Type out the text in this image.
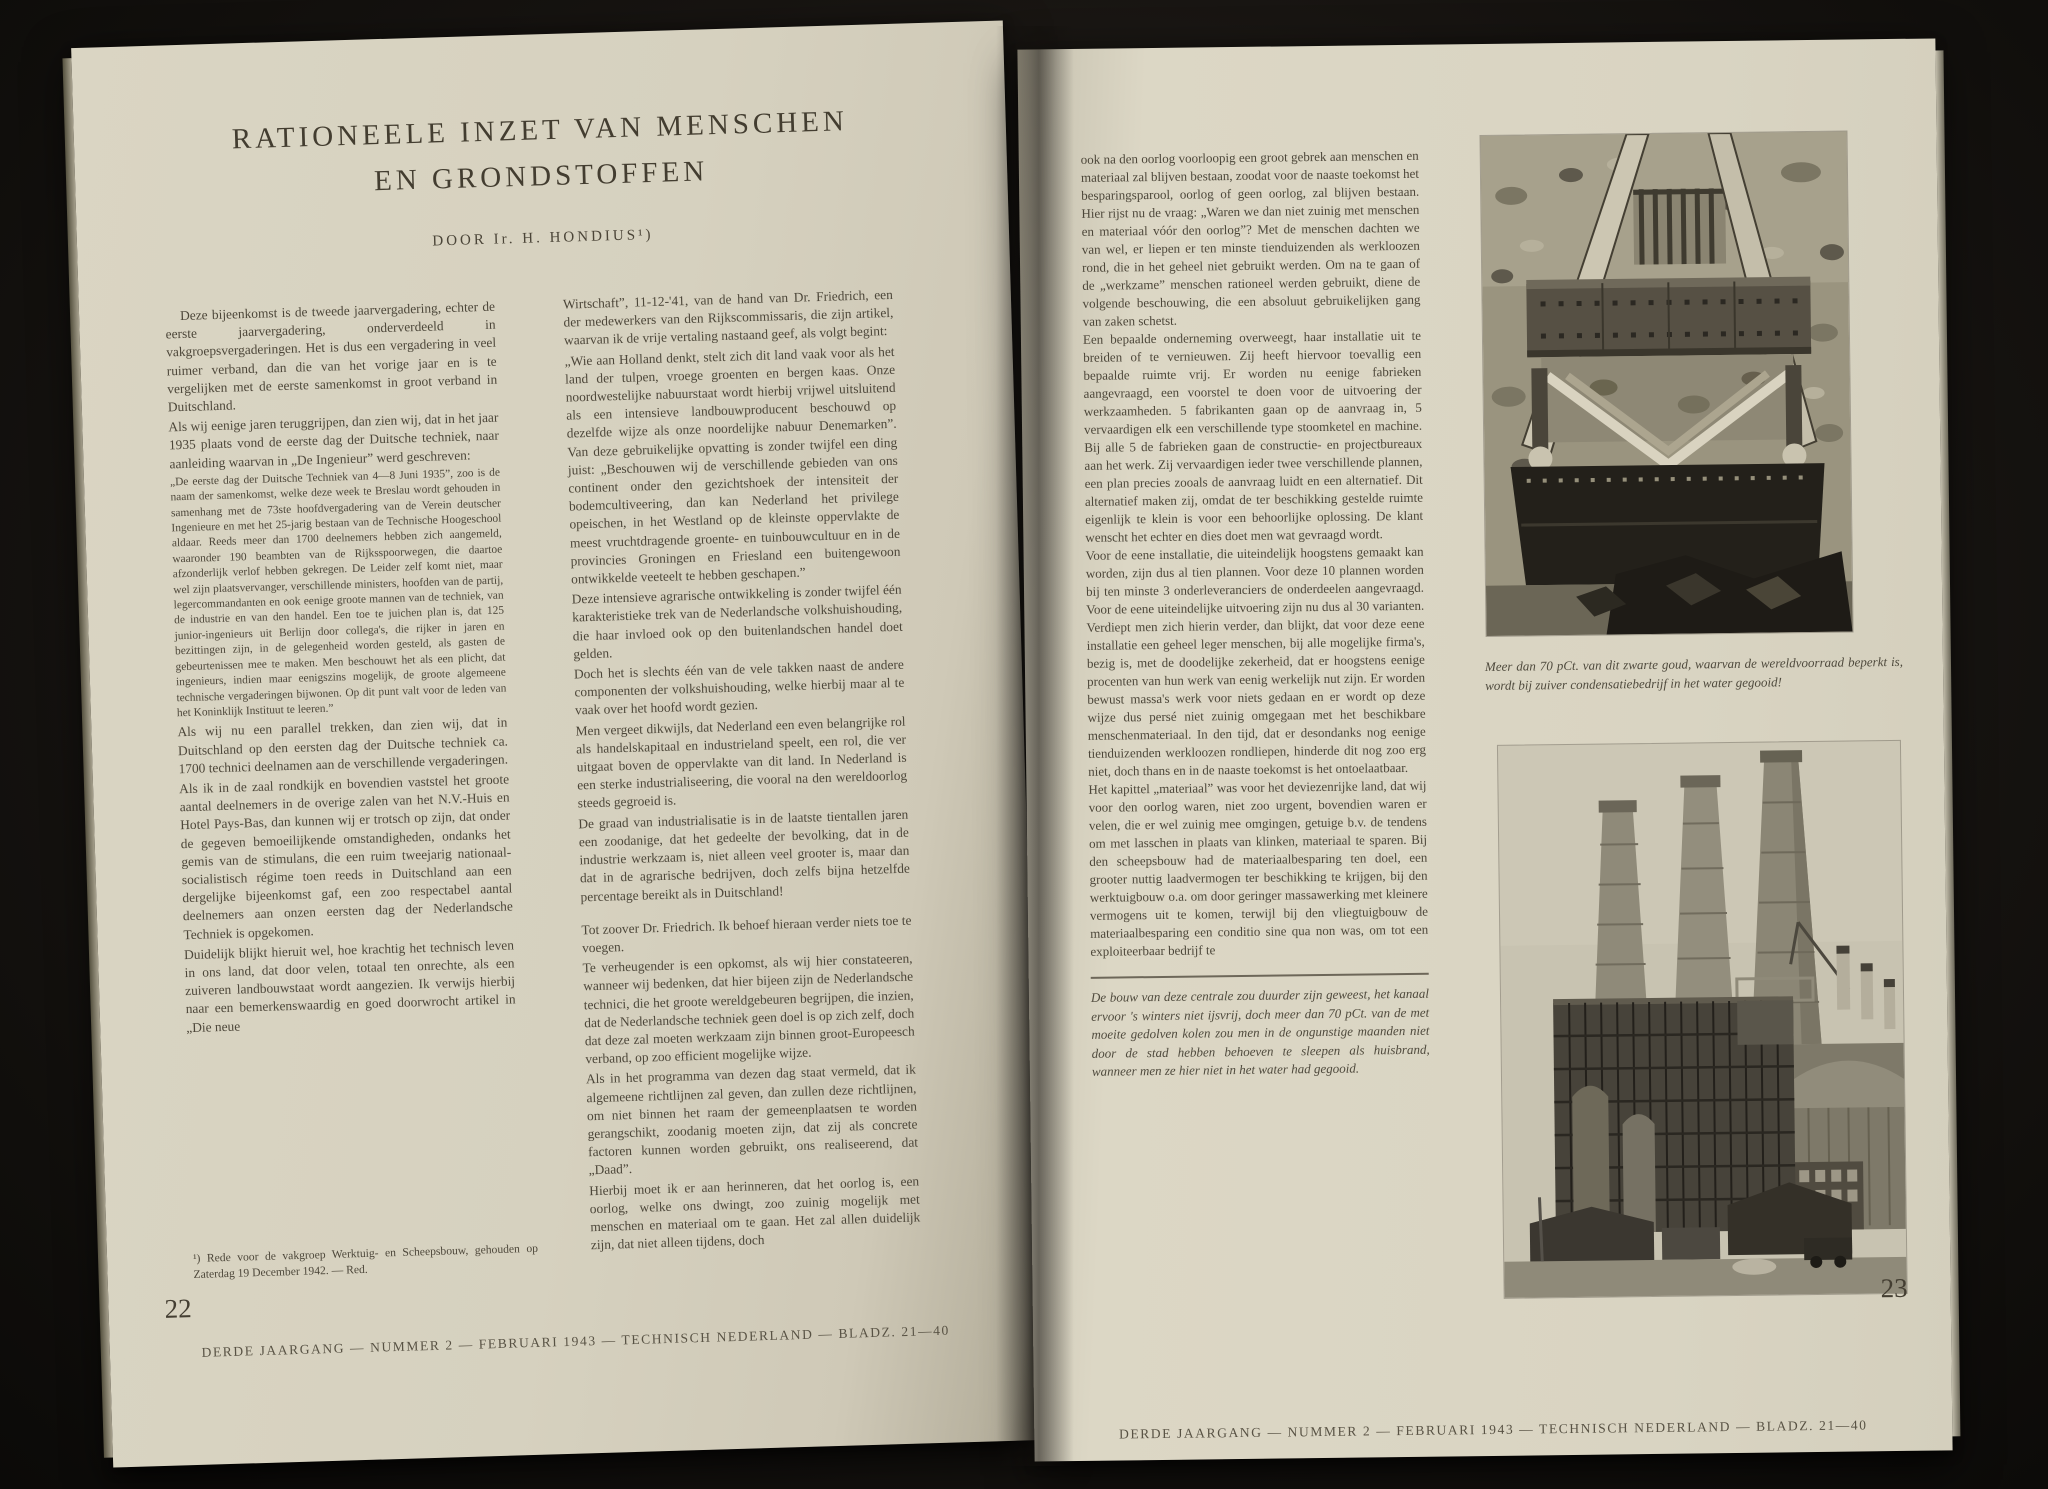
RATIONEELE INZET VAN MENSCHEN
EN GRONDSTOFFEN
DOOR Ir. H. HONDIUS¹)

Deze bijeenkomst is de tweede jaarvergadering, echter de eerste jaarvergadering, onderverdeeld in vakgroepsvergaderingen. Het is dus een vergadering in veel ruimer verband, dan die van het vorige jaar en is te vergelijken met de eerste samenkomst in groot verband in Duitschland.

Als wij eenige jaren teruggrijpen, dan zien wij, dat in het jaar 1935 plaats vond de eerste dag der Duitsche techniek, naar aanleiding waarvan in „De Ingenieur” werd geschreven:

„De eerste dag der Duitsche Techniek van 4—8 Juni 1935”, zoo is de naam der samenkomst, welke deze week te Breslau wordt gehouden in samenhang met de 73ste hoofdvergadering van de Verein deutscher Ingenieure en met het 25-jarig bestaan van de Technische Hoogeschool aldaar. Reeds meer dan 1700 deelnemers hebben zich aangemeld, waaronder 190 beambten van de Rijksspoorwegen, die daartoe afzonderlijk verlof hebben gekregen. De Leider zelf komt niet, maar wel zijn plaatsvervanger, verschillende ministers, hoofden van de partij, legercommandanten en ook eenige groote mannen van de techniek, van de industrie en van den handel. Een toe te juichen plan is, dat 125 junior-ingenieurs uit Berlijn door collega's, die rijker in jaren en bezittingen zijn, in de gelegenheid worden gesteld, als gasten de gebeurtenissen mee te maken. Men beschouwt het als een plicht, dat ingenieurs, indien maar eenigszins mogelijk, de groote algemeene technische vergaderingen bijwonen. Op dit punt valt voor de leden van het Koninklijk Instituut te leeren.”

Als wij nu een parallel trekken, dan zien wij, dat in Duitschland op den eersten dag der Duitsche techniek ca. 1700 technici deelnamen aan de verschillende vergaderingen.

Als ik in de zaal rondkijk en bovendien vaststel het groote aantal deelnemers in de overige zalen van het N.V.-Huis en Hotel Pays-Bas, dan kunnen wij er trotsch op zijn, dat onder de gegeven bemoeilijkende omstandigheden, ondanks het gemis van de stimulans, die een ruim tweejarig nationaal-socialistisch régime toen reeds in Duitschland aan een dergelijke bijeenkomst gaf, een zoo respectabel aantal deelnemers aan onzen eersten dag der Nederlandsche Techniek is opgekomen.

Duidelijk blijkt hieruit wel, hoe krachtig het technisch leven in ons land, dat door velen, totaal ten onrechte, als een zuiveren landbouwstaat wordt aangezien. Ik verwijs hierbij naar een bemerkenswaardig en goed doorwrocht artikel in „Die neue

Wirtschaft”, 11-12-'41, van de hand van Dr. Friedrich, een der medewerkers van den Rijkscommissaris, die zijn artikel, waarvan ik de vrije vertaling nastaand geef, als volgt begint:

„Wie aan Holland denkt, stelt zich dit land vaak voor als het land der tulpen, vroege groenten en bergen kaas. Onze noordwestelijke nabuurstaat wordt hierbij vrijwel uitsluitend als een intensieve landbouwproducent beschouwd op dezelfde wijze als onze noordelijke nabuur Denemarken”. Van deze gebruikelijke opvatting is zonder twijfel een ding juist: „Beschouwen wij de verschillende gebieden van ons continent onder den gezichtshoek der intensiteit der bodemcultiveering, dan kan Nederland het privilege opeischen, in het Westland op de kleinste oppervlakte de meest vruchtdragende groente- en tuinbouwcultuur en in de provincies Groningen en Friesland een buitengewoon ontwikkelde veeteelt te hebben geschapen.”

Deze intensieve agrarische ontwikkeling is zonder twijfel één karakteristieke trek van de Nederlandsche volkshuishouding, die haar invloed ook op den buitenlandschen handel doet gelden.

Doch het is slechts één van de vele takken naast de andere componenten der volkshuishouding, welke hierbij maar al te vaak over het hoofd wordt gezien.

Men vergeet dikwijls, dat Nederland een even belangrijke rol als handelskapitaal en industrieland speelt, een rol, die ver uitgaat boven de oppervlakte van dit land. In Nederland is een sterke industrialiseering, die vooral na den wereldoorlog steeds gegroeid is.

De graad van industrialisatie is in de laatste tientallen jaren een zoodanige, dat het gedeelte der bevolking, dat in de industrie werkzaam is, niet alleen veel grooter is, maar dan dat in de agrarische bedrijven, doch zelfs bijna hetzelfde percentage bereikt als in Duitschland!

Tot zoover Dr. Friedrich. Ik behoef hieraan verder niets toe te voegen.

Te verheugender is een opkomst, als wij hier constateeren, wanneer wij bedenken, dat hier bijeen zijn de Nederlandsche technici, die het groote wereldgebeuren begrijpen, die inzien, dat de Nederlandsche techniek geen doel is op zich zelf, doch dat deze zal moeten werkzaam zijn binnen groot-Europeesch verband, op zoo efficient mogelijke wijze.

Als in het programma van dezen dag staat vermeld, dat ik algemeene richtlijnen zal geven, dan zullen deze richtlijnen, om niet binnen het raam der gemeenplaatsen te worden gerangschikt, zoodanig moeten zijn, dat zij als concrete factoren kunnen worden gebruikt, ons realiseerend, dat „Daad”.

Hierbij moet ik er aan herinneren, dat het oorlog is, een oorlog, welke ons dwingt, zoo zuinig mogelijk met menschen en materiaal om te gaan. Het zal allen duidelijk zijn, dat niet alleen tijdens, doch

¹) Rede voor de vakgroep Werktuig- en Scheepsbouw, gehouden op Zaterdag 19 December 1942. — Red.
22
DERDE JAARGANG — NUMMER 2 — FEBRUARI 1943 — TECHNISCH NEDERLAND — BLADZ. 21—40

ook na den oorlog voorloopig een groot gebrek aan menschen en materiaal zal blijven bestaan, zoodat voor de naaste toekomst het besparingsparool, oorlog of geen oorlog, zal blijven bestaan. Hier rijst nu de vraag: „Waren we dan niet zuinig met menschen en materiaal vóór den oorlog”? Met de menschen dachten we van wel, er liepen er ten minste tienduizenden als werkloozen rond, die in het geheel niet gebruikt werden. Om na te gaan of de „werkzame” menschen rationeel werden gebruikt, diene de volgende beschouwing, die een absoluut gebruikelijken gang van zaken schetst.

Een bepaalde onderneming overweegt, haar installatie uit te breiden of te vernieuwen. Zij heeft hiervoor toevallig een bepaalde ruimte vrij. Er worden nu eenige fabrieken aangevraagd, een voorstel te doen voor de uitvoering der werkzaamheden. 5 fabrikanten gaan op de aanvraag in, 5 vervaardigen elk een verschillende type stoomketel en machine. Bij alle 5 de fabrieken gaan de constructie- en projectbureaux aan het werk. Zij vervaardigen ieder twee verschillende plannen, een plan precies zooals de aanvraag luidt en een alternatief. Dit alternatief maken zij, omdat de ter beschikking gestelde ruimte eigenlijk te klein is voor een behoorlijke oplossing. De klant wenscht het echter en dies doet men wat gevraagd wordt.

Voor de eene installatie, die uiteindelijk hoogstens gemaakt kan worden, zijn dus al tien plannen. Voor deze 10 plannen worden bij ten minste 3 onderleveranciers de onderdeelen aangevraagd. Voor de eene uiteindelijke uitvoering zijn nu dus al 30 varianten. Verdiept men zich hierin verder, dan blijkt, dat voor deze eene installatie een geheel leger menschen, bij alle mogelijke firma's, bezig is, met de doodelijke zekerheid, dat er hoogstens eenige procenten van hun werk van eenig werkelijk nut zijn. Er worden bewust massa's werk voor niets gedaan en er wordt op deze wijze dus persé niet zuinig omgegaan met het beschikbare menschenmateriaal. In den tijd, dat er desondanks nog eenige tienduizenden werkloozen rondliepen, hinderde dit nog zoo erg niet, doch thans en in de naaste toekomst is het ontoelaatbaar.

Het kapittel „materiaal” was voor het deviezenrijke land, dat wij voor den oorlog waren, niet zoo urgent, bovendien waren er velen, die er wel zuinig mee omgingen, getuige b.v. de tendens om met lasschen in plaats van klinken, materiaal te sparen. Bij den scheepsbouw had de materiaalbesparing ten doel, een grooter nuttig laadvermogen ter beschikking te krijgen, bij den werktuigbouw o.a. om door geringer massawerking met kleinere vermogens uit te komen, terwijl bij den vliegtuigbouw de materiaalbesparing een conditio sine qua non was, om tot een exploiteerbaar bedrijf te

De bouw van deze centrale zou duurder zijn geweest, het kanaal ervoor 's winters niet ijsvrij, doch meer dan 70 pCt. van de met moeite gedolven kolen zou men in de ongunstige maanden niet door de stad hebben behoeven te sleepen als huisbrand, wanneer men ze hier niet in het water had gegooid.

Meer dan 70 pCt. van dit zwarte goud, waarvan de wereldvoorraad beperkt is, wordt bij zuiver condensatiebedrijf in het water gegooid!
23
DERDE JAARGANG — NUMMER 2 — FEBRUARI 1943 — TECHNISCH NEDERLAND — BLADZ. 21—40
